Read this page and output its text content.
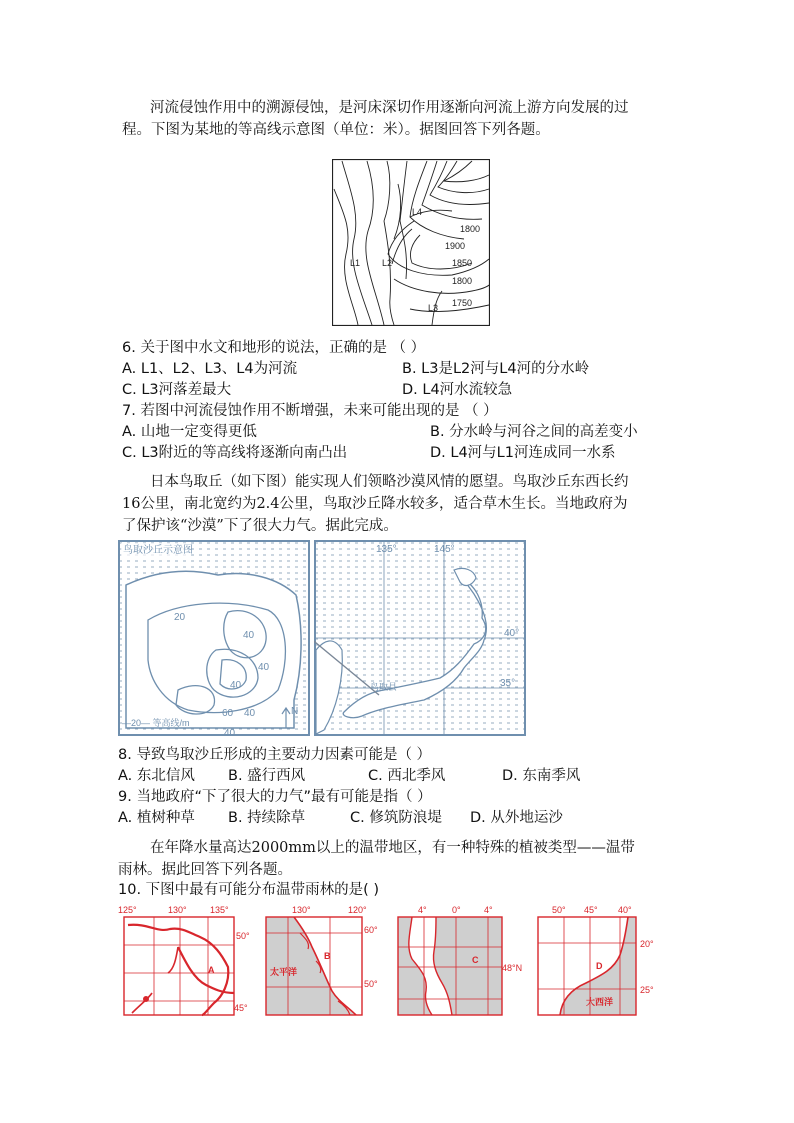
河流侵蚀作用中的溯源侵蚀，是河床深切作用逐渐向河流上游方向发展的过
程。下图为某地的等高线示意图（单位：米）。据图回答下列各题。
1800
1900
1850
1800
1750
L1 L2
L3
L4
6. 关于图中水文和地形的说法，正确的是 （ ）
A. L1、L2、L3、L4为河流	B. L3是L2河与L4河的分水岭
C. L3河落差最大	D. L4河水流较急
7. 若图中河流侵蚀作用不断增强，未来可能出现的是 （ ）
A. 山地一定变得更低	B. 分水岭与河谷之间的高差变小
C. L3附近的等高线将逐渐向南凸出	D. L4河与L1河连成同一水系
日本鸟取丘（如下图）能实现人们领略沙漠风情的愿望。鸟取沙丘东西长约
16公里，南北宽约为2.4公里，鸟取沙丘降水较多，适合草木生长。当地政府为
了保护该“沙漠”下了很大力气。据此完成。
鸟取沙丘示意图
20
40
40
40
60 40
40
—20— 等高线/m
N
135°	145°
40°
35°
鸟取县
8. 导致鸟取沙丘形成的主要动力因素可能是（ ）
A. 东北信风 B. 盛行西风	C. 西北季风	D. 东南季风
9. 当地政府“下了很大的力气”最有可能是指（ ）
A. 植树种草 B. 持续除草	C. 修筑防浪堤 D. 从外地运沙
在年降水量高达2000mm以上的温带地区，有一种特殊的植被类型——温带
雨林。据此回答下列各题。
10. 下图中最有可能分布温带雨林的是( )
125°	130°	135°
50°
45°
A
130°	120°
60°
50°
B
太平洋
4°	0°	4°
48°N
C
50° 45° 40°
20°
25°
D
大西洋
